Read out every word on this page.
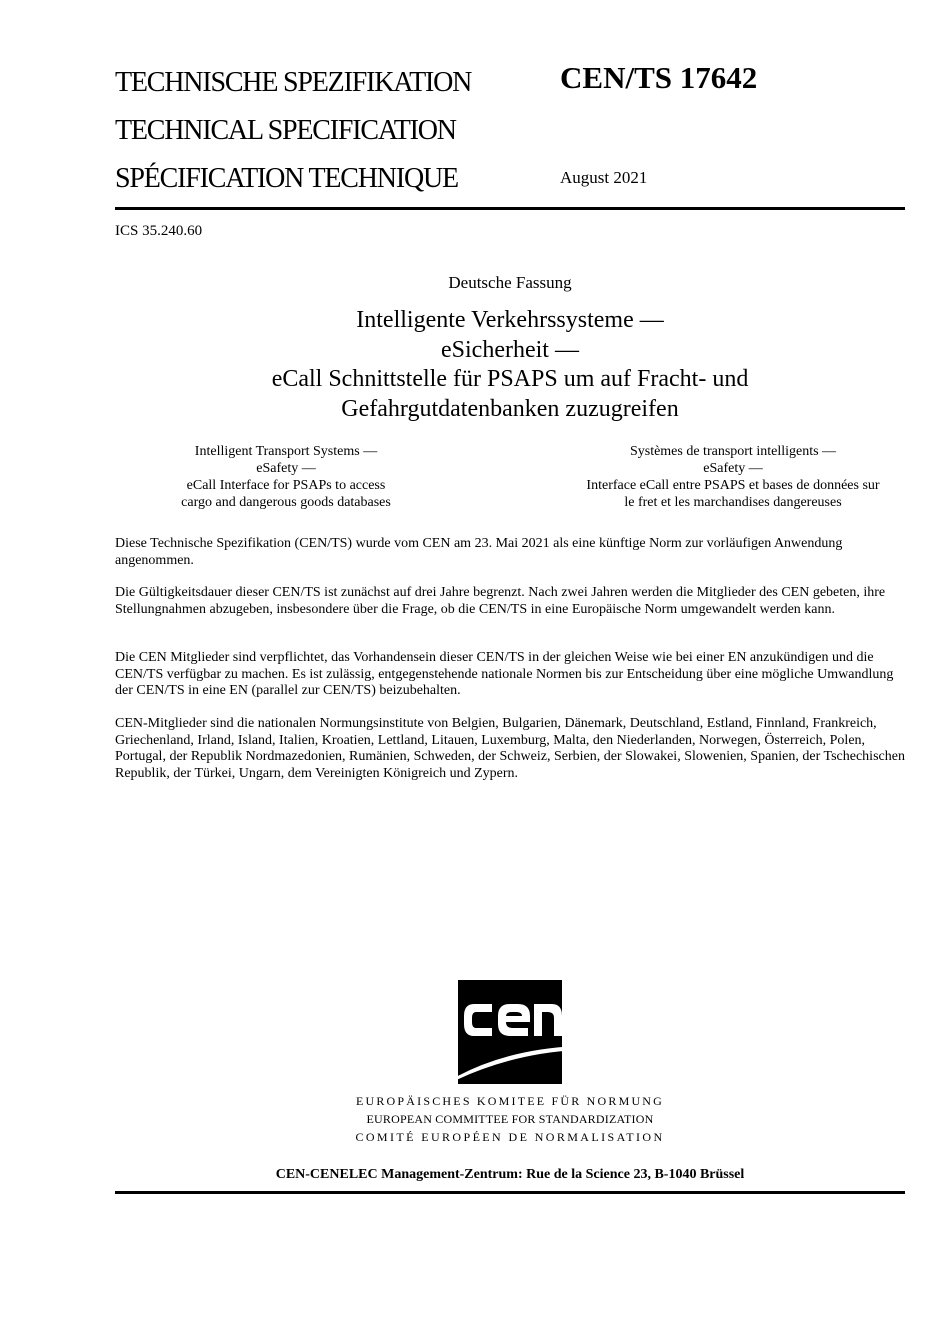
TECHNISCHE SPEZIFIKATION
TECHNICAL SPECIFICATION
SPÉCIFICATION TECHNIQUE
CEN/TS 17642
August 2021
ICS 35.240.60
Deutsche Fassung
Intelligente Verkehrssysteme —
eSicherheit —
eCall Schnittstelle für PSAPS um auf Fracht- und
Gefahrgutdatenbanken zuzugreifen
Intelligent Transport Systems —
eSafety —
eCall Interface for PSAPs to access
cargo and dangerous goods databases
Systèmes de transport intelligents —
eSafety —
Interface eCall entre PSAPS et bases de données sur
le fret et les marchandises dangereuses

Diese Technische Spezifikation (CEN/TS) wurde vom CEN am 23. Mai 2021 als eine künftige Norm zur vorläufigen Anwendung angenommen.

Die Gültigkeitsdauer dieser CEN/TS ist zunächst auf drei Jahre begrenzt. Nach zwei Jahren werden die Mitglieder des CEN gebeten, ihre Stellungnahmen abzugeben, insbesondere über die Frage, ob die CEN/TS in eine Europäische Norm umgewandelt werden kann.

Die CEN Mitglieder sind verpflichtet, das Vorhandensein dieser CEN/TS in der gleichen Weise wie bei einer EN anzukündigen und die CEN/TS verfügbar zu machen. Es ist zulässig, entgegenstehende nationale Normen bis zur Entscheidung über eine mögliche Umwandlung der CEN/TS in eine EN (parallel zur CEN/TS) beizubehalten.

CEN-Mitglieder sind die nationalen Normungsinstitute von Belgien, Bulgarien, Dänemark, Deutschland, Estland, Finnland, Frankreich, Griechenland, Irland, Island, Italien, Kroatien, Lettland, Litauen, Luxemburg, Malta, den Niederlanden, Norwegen, Österreich, Polen, Portugal, der Republik Nordmazedonien, Rumänien, Schweden, der Schweiz, Serbien, der Slowakei, Slowenien, Spanien, der Tschechischen Republik, der Türkei, Ungarn, dem Vereinigten Königreich und Zypern.

EUROPÄISCHES KOMITEE FÜR NORMUNG
EUROPEAN COMMITTEE FOR STANDARDIZATION
COMITÉ EUROPÉEN DE NORMALISATION
CEN-CENELEC Management-Zentrum: Rue de la Science 23, B-1040 Brüssel
